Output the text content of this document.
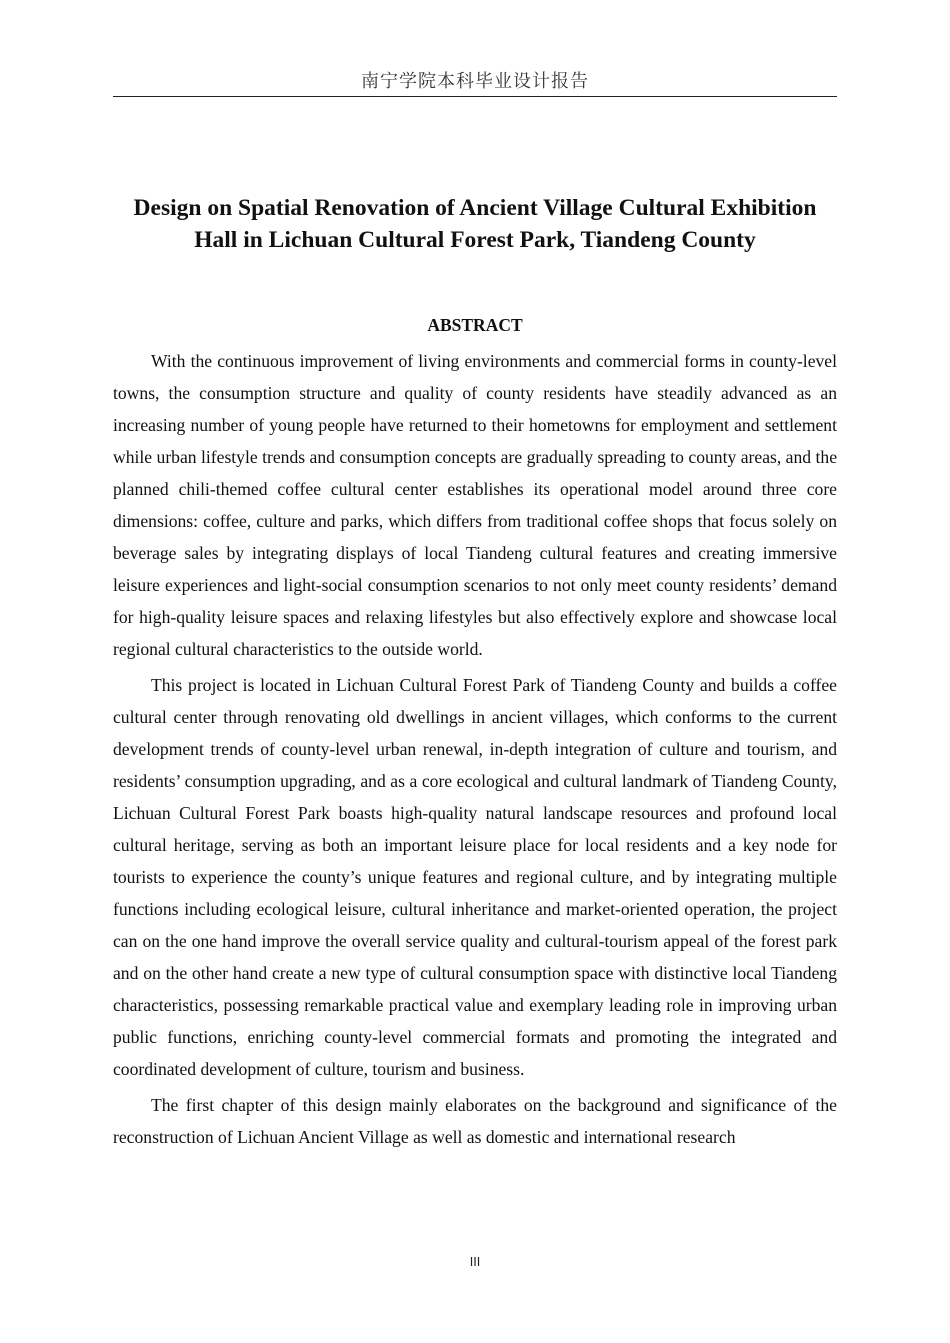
南宁学院本科毕业设计报告
Design on Spatial Renovation of Ancient Village Cultural Exhibition Hall in Lichuan Cultural Forest Park, Tiandeng County
ABSTRACT

With the continuous improvement of living environments and commercial forms in county-level towns, the consumption structure and quality of county residents have steadily advanced as an increasing number of young people have returned to their hometowns for employment and settlement while urban lifestyle trends and consumption concepts are gradually spreading to county areas, and the planned chili-themed coffee cultural center establishes its operational model around three core dimensions: coffee, culture and parks, which differs from traditional coffee shops that focus solely on beverage sales by integrating displays of local Tiandeng cultural features and creating immersive leisure experiences and light-social consumption scenarios to not only meet county residents’ demand for high-quality leisure spaces and relaxing lifestyles but also effectively explore and showcase local regional cultural characteristics to the outside world.

This project is located in Lichuan Cultural Forest Park of Tiandeng County and builds a coffee cultural center through renovating old dwellings in ancient villages, which conforms to the current development trends of county-level urban renewal, in-depth integration of culture and tourism, and residents’ consumption upgrading, and as a core ecological and cultural landmark of Tiandeng County, Lichuan Cultural Forest Park boasts high-quality natural landscape resources and profound local cultural heritage, serving as both an important leisure place for local residents and a key node for tourists to experience the county’s unique features and regional culture, and by integrating multiple functions including ecological leisure, cultural inheritance and market-oriented operation, the project can on the one hand improve the overall service quality and cultural-tourism appeal of the forest park and on the other hand create a new type of cultural consumption space with distinctive local Tiandeng characteristics, possessing remarkable practical value and exemplary leading role in improving urban public functions, enriching county-level commercial formats and promoting the integrated and coordinated development of culture, tourism and business.

The first chapter of this design mainly elaborates on the background and significance of the reconstruction of Lichuan Ancient Village as well as domestic and international research

III
